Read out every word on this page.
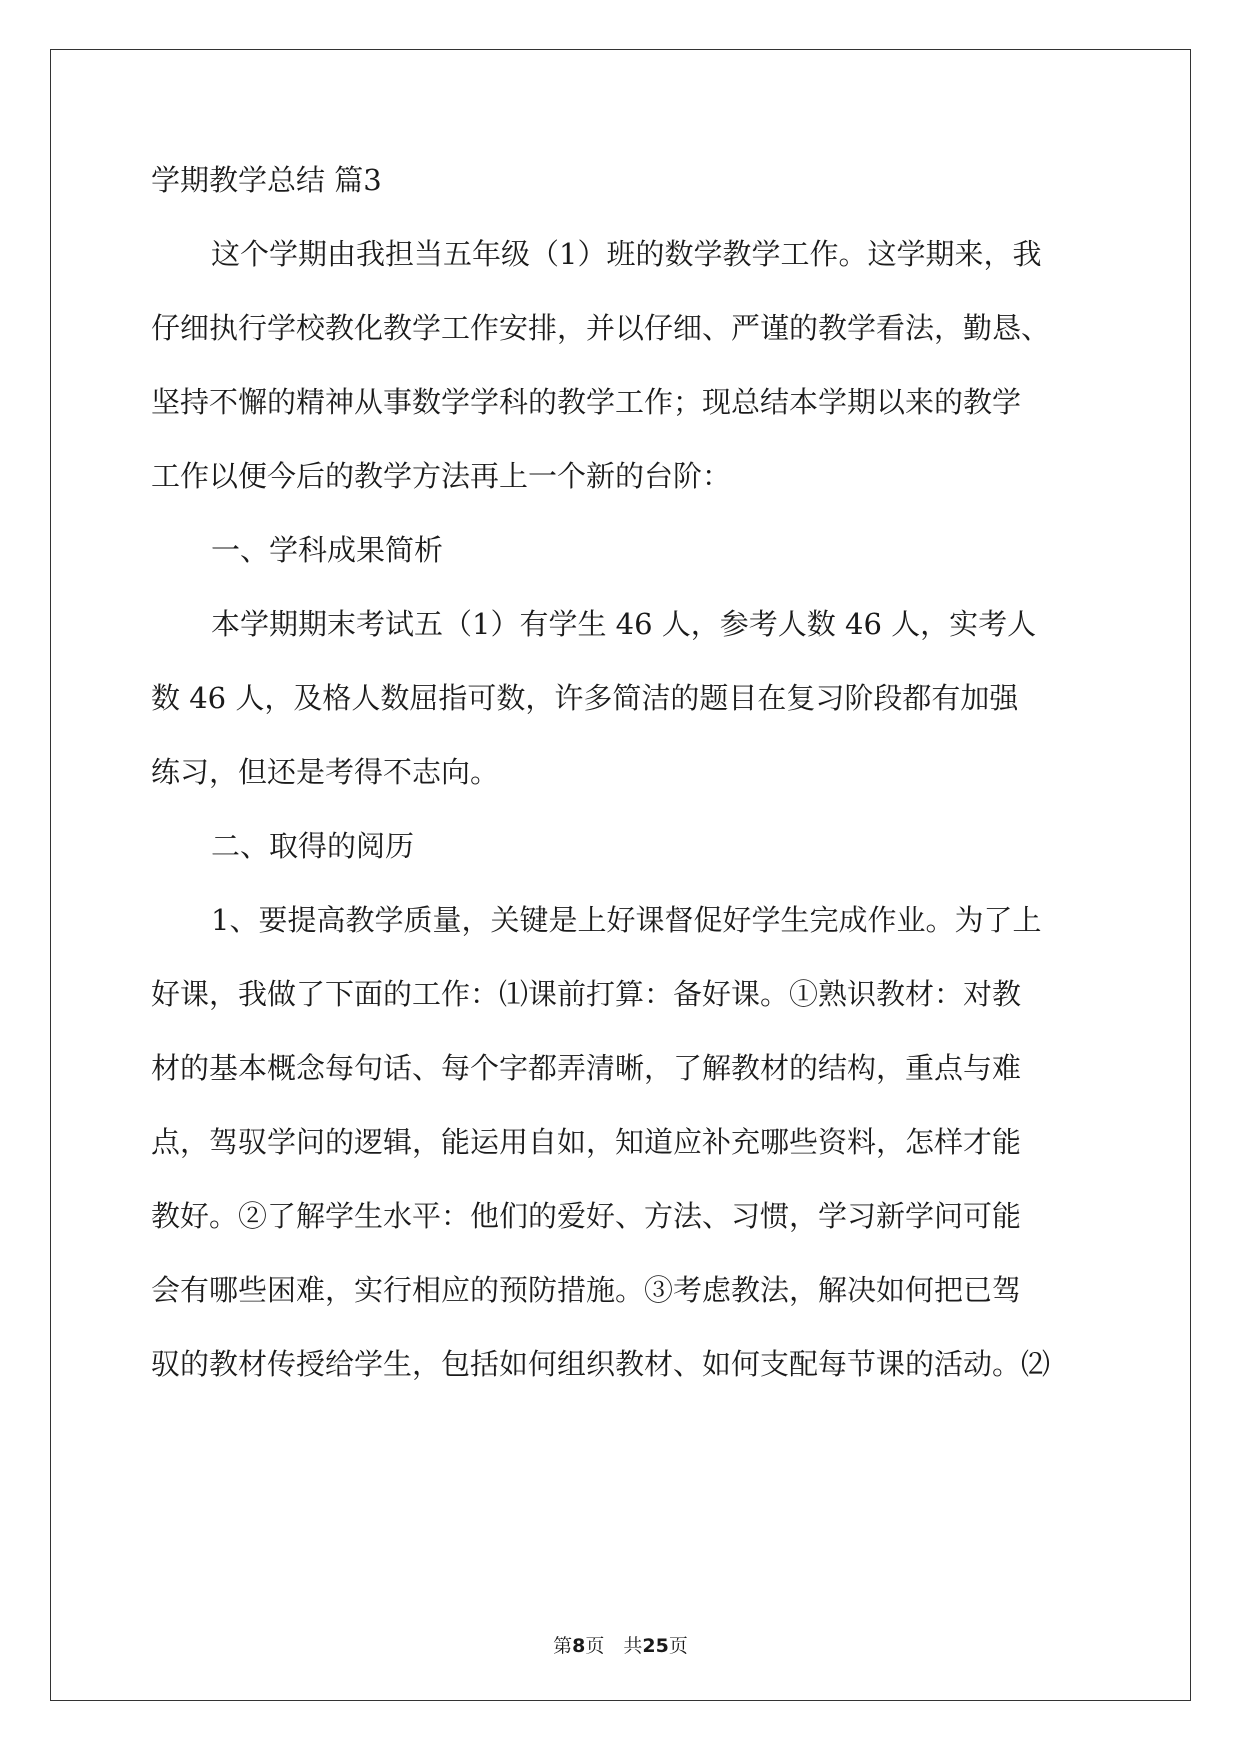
学期教学总结 篇3
这个学期由我担当五年级（1）班的数学教学工作。这学期来，我
仔细执行学校教化教学工作安排，并以仔细、严谨的教学看法，勤恳、
坚持不懈的精神从事数学学科的教学工作；现总结本学期以来的教学
工作以便今后的教学方法再上一个新的台阶：
一、学科成果简析
本学期期末考试五（1）有学生 46 人，参考人数 46 人，实考人
数 46 人，及格人数屈指可数，许多简洁的题目在复习阶段都有加强
练习，但还是考得不志向。
二、取得的阅历
1、要提高教学质量，关键是上好课督促好学生完成作业。为了上
好课，我做了下面的工作：⑴课前打算：备好课。①熟识教材：对教
材的基本概念每句话、每个字都弄清晰，了解教材的结构，重点与难
点，驾驭学问的逻辑，能运用自如，知道应补充哪些资料，怎样才能
教好。②了解学生水平：他们的爱好、方法、习惯，学习新学问可能
会有哪些困难，实行相应的预防措施。③考虑教法，解决如何把已驾
驭的教材传授给学生，包括如何组织教材、如何支配每节课的活动。⑵
第8页　共25页
